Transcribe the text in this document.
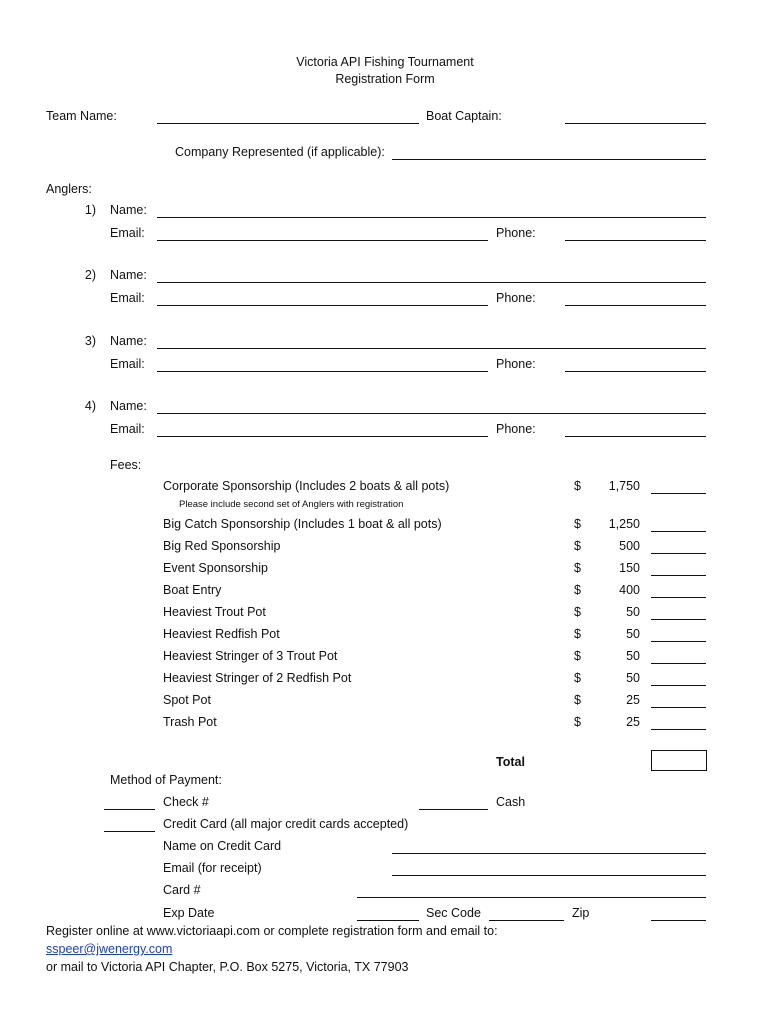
Victoria API Fishing Tournament
Registration Form
Team Name:	Boat Captain:
Company Represented (if applicable):
Anglers:
1) Name:
Email:	Phone:
2) Name:
Email:	Phone:
3) Name:
Email:	Phone:
4) Name:
Email:	Phone:
Fees:
Corporate Sponsorship (Includes 2 boats & all pots)	$	1,750
Big Catch Sponsorship (Includes 1 boat & all pots)	$	1,250
Big Red Sponsorship	$	500
Event Sponsorship	$	150
Boat Entry	$	400
Heaviest Trout Pot	$	50
Heaviest Redfish Pot	$	50
Heaviest Stringer of 3 Trout Pot	$	50
Heaviest Stringer of 2 Redfish Pot	$	50
Spot Pot	$	25
Trash Pot	$	25
Please include second set of Anglers with registration
Total
Method of Payment:
Check #	Cash
Credit Card (all major credit cards accepted)
Name on Credit Card
Email (for receipt)
Card #
Exp Date	Sec Code	Zip
Register online at www.victoriaapi.com or complete registration form and email to:
sspeer@jwenergy.com
or mail to Victoria API Chapter, P.O. Box 5275, Victoria, TX 77903
